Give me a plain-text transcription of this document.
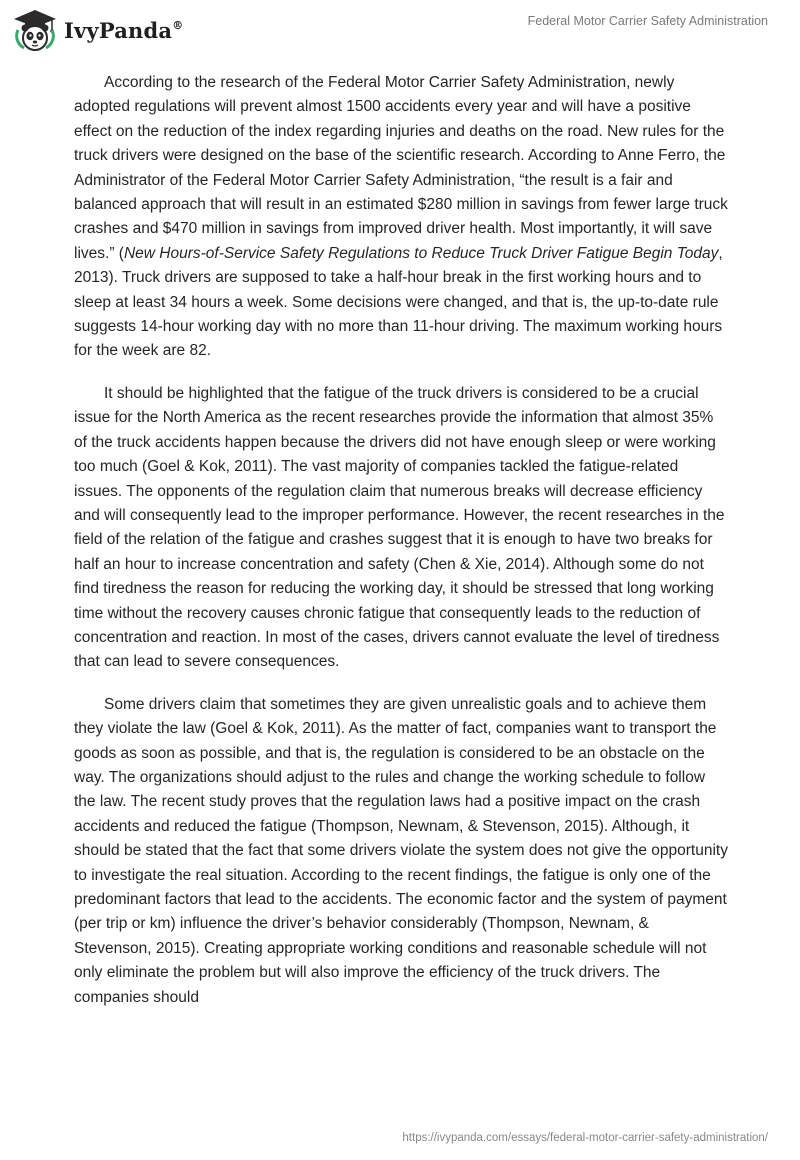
IvyPanda®	Federal Motor Carrier Safety Administration

According to the research of the Federal Motor Carrier Safety Administration, newly adopted regulations will prevent almost 1500 accidents every year and will have a positive effect on the reduction of the index regarding injuries and deaths on the road. New rules for the truck drivers were designed on the base of the scientific research. According to Anne Ferro, the Administrator of the Federal Motor Carrier Safety Administration, “the result is a fair and balanced approach that will result in an estimated $280 million in savings from fewer large truck crashes and $470 million in savings from improved driver health. Most importantly, it will save lives.” (New Hours-of-Service Safety Regulations to Reduce Truck Driver Fatigue Begin Today, 2013). Truck drivers are supposed to take a half-hour break in the first working hours and to sleep at least 34 hours a week. Some decisions were changed, and that is, the up-to-date rule suggests 14-hour working day with no more than 11-hour driving. The maximum working hours for the week are 82.

It should be highlighted that the fatigue of the truck drivers is considered to be a crucial issue for the North America as the recent researches provide the information that almost 35% of the truck accidents happen because the drivers did not have enough sleep or were working too much (Goel & Kok, 2011). The vast majority of companies tackled the fatigue-related issues. The opponents of the regulation claim that numerous breaks will decrease efficiency and will consequently lead to the improper performance. However, the recent researches in the field of the relation of the fatigue and crashes suggest that it is enough to have two breaks for half an hour to increase concentration and safety (Chen & Xie, 2014). Although some do not find tiredness the reason for reducing the working day, it should be stressed that long working time without the recovery causes chronic fatigue that consequently leads to the reduction of concentration and reaction. In most of the cases, drivers cannot evaluate the level of tiredness that can lead to severe consequences.

Some drivers claim that sometimes they are given unrealistic goals and to achieve them they violate the law (Goel & Kok, 2011). As the matter of fact, companies want to transport the goods as soon as possible, and that is, the regulation is considered to be an obstacle on the way. The organizations should adjust to the rules and change the working schedule to follow the law. The recent study proves that the regulation laws had a positive impact on the crash accidents and reduced the fatigue (Thompson, Newnam, & Stevenson, 2015). Although, it should be stated that the fact that some drivers violate the system does not give the opportunity to investigate the real situation. According to the recent findings, the fatigue is only one of the predominant factors that lead to the accidents. The economic factor and the system of payment (per trip or km) influence the driver’s behavior considerably (Thompson, Newnam, & Stevenson, 2015). Creating appropriate working conditions and reasonable schedule will not only eliminate the problem but will also improve the efficiency of the truck drivers. The companies should

https://ivypanda.com/essays/federal-motor-carrier-safety-administration/
